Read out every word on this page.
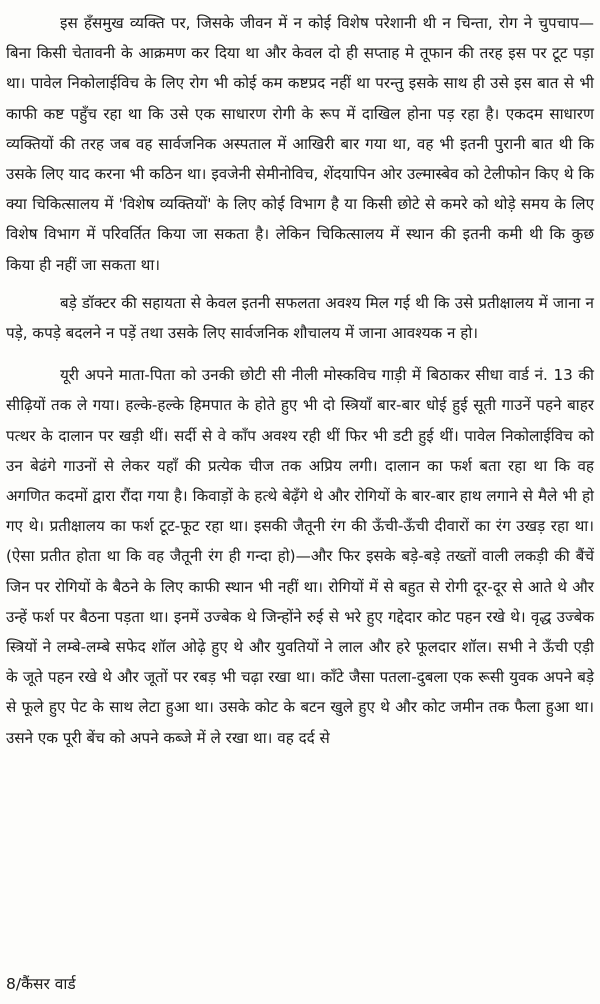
इस हँसमुख व्यक्ति पर, जिसके जीवन में न कोई विशेष परेशानी थी न चिन्ता, रोग ने चुपचाप—बिना किसी चेतावनी के आक्रमण कर दिया था और केवल दो ही सप्ताह मे तूफान की तरह इस पर टूट पड़ा था। पावेल निकोलाईविच के लिए रोग भी कोई कम कष्टप्रद नहीं था परन्तु इसके साथ ही उसे इस बात से भी काफी कष्ट पहुँच रहा था कि उसे एक साधारण रोगी के रूप में दाखिल होना पड़ रहा है। एकदम साधारण व्यक्तियों की तरह जब वह सार्वजनिक अस्पताल में आखिरी बार गया था, वह भी इतनी पुरानी बात थी कि उसके लिए याद करना भी कठिन था। इवजेनी सेमीनोविच, शेंदयापिन ओर उल्मास्बेव को टेलीफोन किए थे कि क्या चिकित्सालय में 'विशेष व्यक्तियों' के लिए कोई विभाग है या किसी छोटे से कमरे को थोड़े समय के लिए विशेष विभाग में परिवर्तित किया जा सकता है। लेकिन चिकित्सालय में स्थान की इतनी कमी थी कि कुछ किया ही नहीं जा सकता था।

बड़े डॉक्टर की सहायता से केवल इतनी सफलता अवश्य मिल गई थी कि उसे प्रतीक्षालय में जाना न पड़े, कपड़े बदलने न पड़ें तथा उसके लिए सार्वजनिक शौचालय में जाना आवश्यक न हो।

यूरी अपने माता-पिता को उनकी छोटी सी नीली मोस्कविच गाड़ी में बिठाकर सीधा वार्ड नं. 13 की सीढ़ियों तक ले गया। हल्के-हल्के हिमपात के होते हुए भी दो स्त्रियाँ बार-बार धोई हुई सूती गाउनें पहने बाहर पत्थर के दालान पर खड़ी थीं। सर्दी से वे काँप अवश्य रही थीं फिर भी डटी हुई थीं। पावेल निकोलाईविच को उन बेढंगे गाउनों से लेकर यहाँ की प्रत्येक चीज तक अप्रिय लगी। दालान का फर्श बता रहा था कि वह अगणित कदमों द्वारा रौंदा गया है। किवाड़ों के हत्थे बेढ़ँगे थे और रोगियों के बार-बार हाथ लगाने से मैले भी हो गए थे। प्रतीक्षालय का फर्श टूट-फूट रहा था। इसकी जैतूनी रंग की ऊँची-ऊँची दीवारों का रंग उखड़ रहा था। (ऐसा प्रतीत होता था कि वह जैतूनी रंग ही गन्दा हो)—और फिर इसके बड़े-बड़े तख्तों वाली लकड़ी की बैंचें जिन पर रोगियों के बैठने के लिए काफी स्थान भी नहीं था। रोगियों में से बहुत से रोगी दूर-दूर से आते थे और उन्हें फर्श पर बैठना पड़ता था। इनमें उज्बेक थे जिन्होंने रुई से भरे हुए गद्देदार कोट पहन रखे थे। वृद्ध उज्बेक स्त्रियों ने लम्बे-लम्बे सफेद शॉल ओढ़े हुए थे और युवतियों ने लाल और हरे फूलदार शॉल। सभी ने ऊँची एड़ी के जूते पहन रखे थे और जूतों पर रबड़ भी चढ़ा रखा था। काँटे जैसा पतला-दुबला एक रूसी युवक अपने बड़े से फूले हुए पेट के साथ लेटा हुआ था। उसके कोट के बटन खुले हुए थे और कोट जमीन तक फैला हुआ था। उसने एक पूरी बेंच को अपने कब्जे में ले रखा था। वह दर्द से

8/कैंसर वार्ड
